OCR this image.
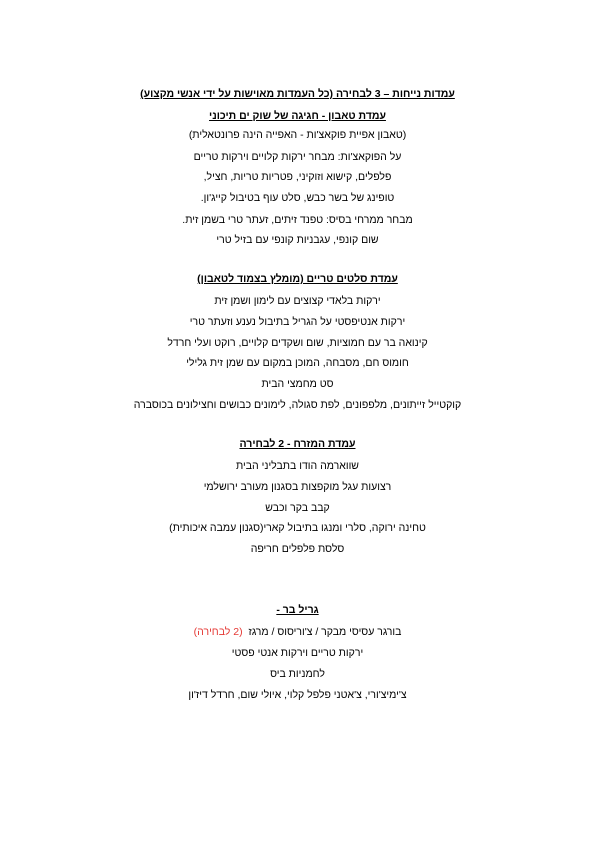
עמדות נייחות – 3 לבחירה (כל העמדות מאוישות על ידי אנשי מקצוע)
עמדת טאבון - חגיגה של שוק ים תיכוני
(טאבון אפיית פוקאצ'ות - האפייה הינה פרונטאלית)
על הפוקאצ'ות: מבחר ירקות קלויים וירקות טריים
פלפלים, קישוא וזוקיני, פטריות טריות, חציל,
טופינג של בשר כבש, סלט עוף בטיבול קייג'ון.
מבחר ממרחי בסיס: טפנד זיתים, זעתר טרי בשמן זית.
שום קונפי, עגבניות קונפי עם בזיל טרי
עמדת סלטים טריים (מומלץ בצמוד לטאבון)
ירקות בלאדי קצוצים עם לימון ושמן זית
ירקות אנטיפסטי על הגריל בתיבול נענע וזעתר טרי
קינואה בר עם חמוציות, שום ושקדים קלויים, רוקט ועלי חרדל
חומוס חם, מסבחה, המוכן במקום עם שמן זית גלילי
סט מחמצי הבית
קוקטייל זייתונים, מלפפונים, לפת סגולה, לימונים כבושים וחצילונים בכוסברה
עמדת המזרח - 2 לבחירה
שווארמה הודו בתבליני הבית
רצועות עגל מוקפצות בסגנון מעורב ירושלמי
קבב בקר וכבש
טחינה ירוקה, סלרי ומנגו בתיבול קארי(סגנון עמבה איכותית)
סלסת פלפלים חריפה
גריל בר -
בורגר עסיסי מבקר / צ'וריסוס / מרגז  (2 לבחירה)
ירקות טריים וירקות אנטי פסטי
לחמניות ביס
צ'ימיצ'ורי, צ'אטני פלפל קלוי, איולי שום, חרדל דיז'ון
